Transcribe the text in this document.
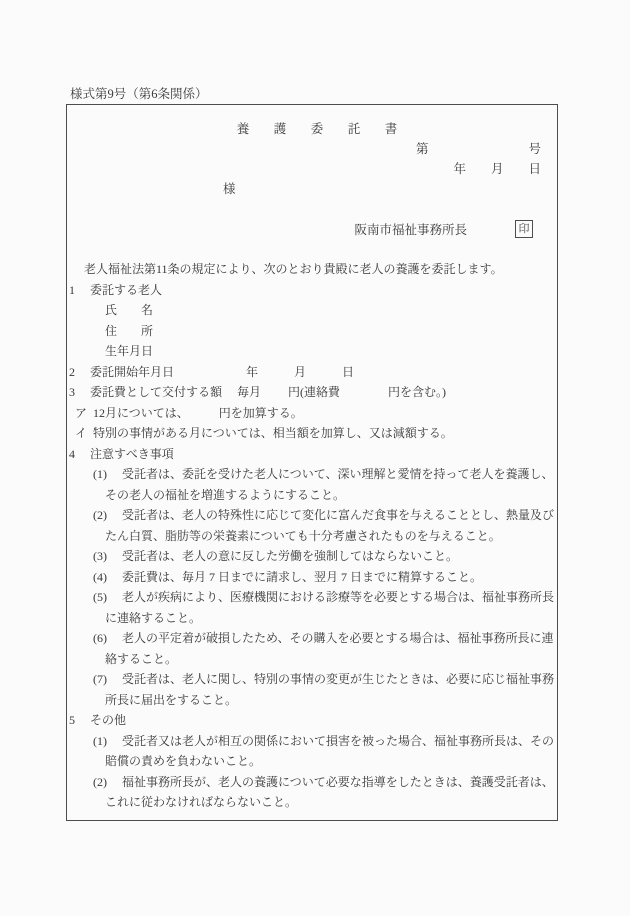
様式第9号（第6条関係）
養　護　委　託　書
第　　　　　　　　号
年　　月　　日
様
阪南市福祉事務所長	印
　 老人福祉法第11条の規定により、次のとおり貴殿に老人の養護を委託します。
1　 委託する老人
　　　氏　　名
　　　住　　所
　　　生年月日
2　 委託開始年月日　　　　　　年　　　月　　　日
3　 委託費として交付する額　 毎月　　 円(連絡費　　　　円を含む。)
ア  12月については、　　　円を加算する。
イ  特別の事情がある月については、相当額を加算し、又は減額する。
4　 注意すべき事項
　　(1)　 受託者は、委託を受けた老人について、深い理解と愛情を持って老人を養護し、
　　　その老人の福祉を増進するようにすること。
　　(2)　 受託者は、老人の特殊性に応じて変化に富んだ食事を与えることとし、熱量及び
　　　たん白質、脂肪等の栄養素についても十分考慮されたものを与えること。
　　(3)　 受託者は、老人の意に反した労働を強制してはならないこと。
　　(4)　 委託費は、毎月 7 日までに請求し、翌月 7 日までに精算すること。
　　(5)　 老人が疾病により、医療機関における診療等を必要とする場合は、福祉事務所長
　　　に連絡すること。
　　(6)　 老人の平定着が破損したため、その購入を必要とする場合は、福祉事務所長に連
　　　絡すること。
　　(7)　 受託者は、老人に関し、特別の事情の変更が生じたときは、必要に応じ福祉事務
　　　所長に届出をすること。
5　 その他
　　(1)　 受託者又は老人が相互の関係において損害を被った場合、福祉事務所長は、その
　　　賠償の責めを負わないこと。
　　(2)　 福祉事務所長が、老人の養護について必要な指導をしたときは、養護受託者は、
　　　これに従わなければならないこと。
